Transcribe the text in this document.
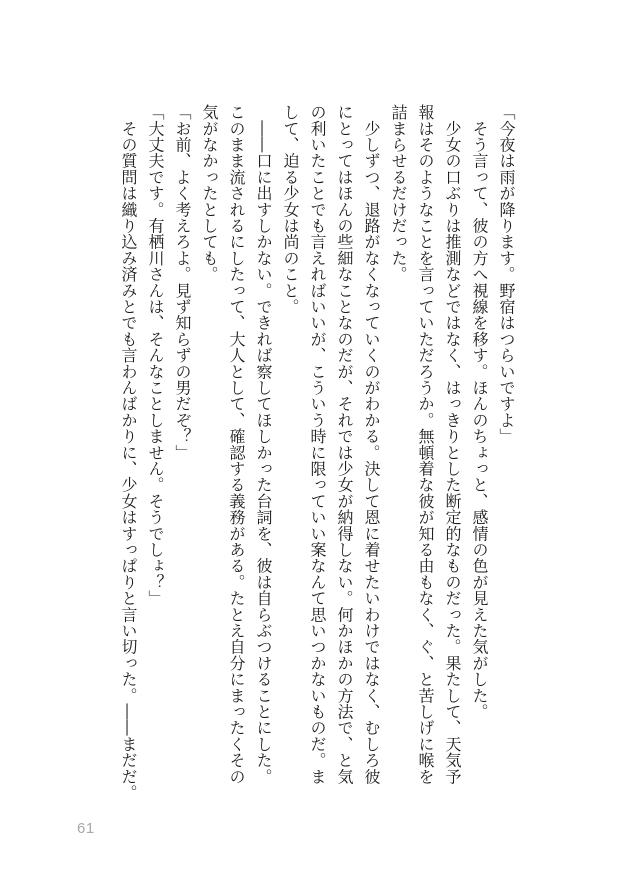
「今夜は雨が降ります。野宿はつらいですよ」
　そう言って、彼の方へ視線を移す。ほんのちょっと、感情の色が見えた気がした。
　少女の口ぶりは推測などではなく、はっきりとした断定的なものだった。果たして、天気予
報はそのようなことを言っていただろうか。無頓着な彼が知る由もなく、ぐ、と苦しげに喉を
詰まらせるだけだった。
　少しずつ、退路がなくなっていくのがわかる。決して恩に着せたいわけではなく、むしろ彼
にとってはほんの些細なことなのだが、それでは少女が納得しない。何かほかの方法で、と気
の利いたことでも言えればいいが、こういう時に限っていい案なんて思いつかないものだ。ま
して、迫る少女は尚のこと。
　――口に出すしかない。できれば察してほしかった台詞を、彼は自らぶつけることにした。
このまま流されるにしたって、大人として、確認する義務がある。たとえ自分にまったくその
気がなかったとしても。
「お前、よく考えろよ。見ず知らずの男だぞ？」
「大丈夫です。有栖川さんは、そんなことしません。そうでしょ？」
　その質問は織り込み済みとでも言わんばかりに、少女はすっぱりと言い切った。――まだだ。
61
